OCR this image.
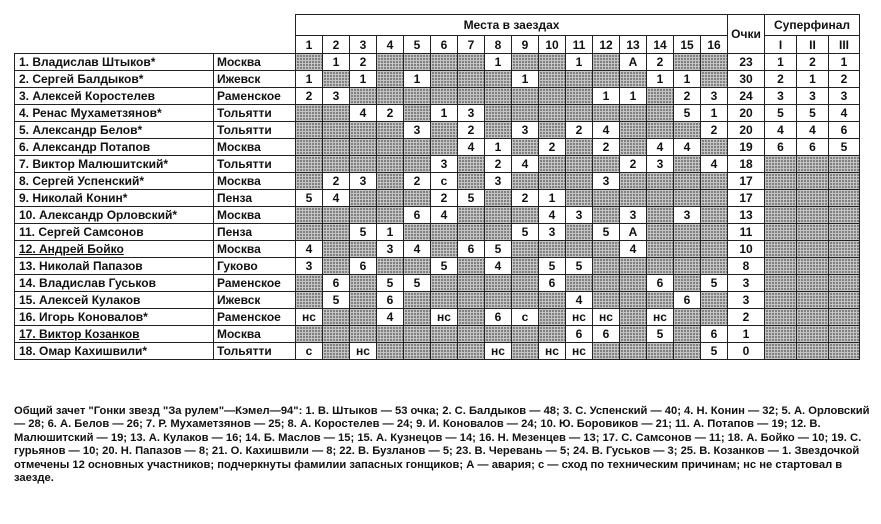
		Места в заездах																Очки	Суперфинал		
		1	2	3	4	5	6	7	8	9	10	11	12	13	14	15	16		I	II	III
1. Владислав Штыков*	Москва		1	2					1			1		А	2			23	1	2	1
2. Сергей Балдыков*	Ижевск	1		1		1				1					1	1		30	2	1	2
3. Алексей Коростелев	Раменское	2	3										1	1		2	3	24	3	3	3
4. Ренас Мухаметзянов*	Тольятти			4	2		1	3								5	1	20	5	5	4
5. Александр Белов*	Тольятти					3		2		3		2	4				2	20	4	4	6
6. Александр Потапов	Москва							4	1		2		2		4	4		19	6	6	5
7. Виктор Малюшитский*	Тольятти						3		2	4				2	3		4	18			
8. Сергей Успенский*	Москва		2	3		2	с		3				3					17			
9. Николай Конин*	Пенза	5	4				2	5		2	1							17			
10. Александр Орловский*	Москва					6	4				4	3		3		3		13			
11. Сергей Самсонов	Пенза			5	1					5	3		5	А				11			
12. Андрей Бойко	Москва	4			3	4		6	5					4				10			
13. Николай Папазов	Гуково	3		6			5		4		5	5						8			
14. Владислав Гуськов	Раменское		6		5	5					6				6		5	3			
15. Алексей Кулаков	Ижевск		5		6							4				6		3			
16. Игорь Коновалов*	Раменское	нс			4		нс		6	с		нс	нс		нс			2			
17. Виктор Козанков	Москва											6	6		5		6	1			
18. Омар Кахишвили*	Тольятти	с		нс					нс		нс	нс					5	0			

Общий зачет "Гонки звезд "За рулем"—Кэмел—94": 1. В. Штыков — 53 очка; 2. С. Балдыков — 48; 3. С. Успенский — 40; 4. Н. Конин — 32; 5. А. Орловский — 28; 6. А. Белов — 26; 7. Р. Мухаметзянов — 25; 8. А. Коростелев — 24; 9. И. Коновалов — 24; 10. Ю. Боровиков — 21; 11. А. Потапов — 19; 12. В. Малюшитский — 19; 13. А. Кулаков — 16; 14. Б. Маслов — 15; 15. А. Кузнецов — 14; 16. Н. Мезенцев — 13; 17. С. Самсонов — 11; 18. А. Бойко — 10; 19. С. гурьянов — 10; 20. Н. Папазов — 8; 21. О. Кахишвили — 8; 22. В. Бузланов — 5; 23. В. Черевань — 5; 24. В. Гуськов — 3; 25. В. Козанков — 1. Звездочкой отмечены 12 основных участников; подчеркнуты фамилии запасных гонщиков; А — авария; с — сход по техническим причинам; нс не стартовал в заезде.
